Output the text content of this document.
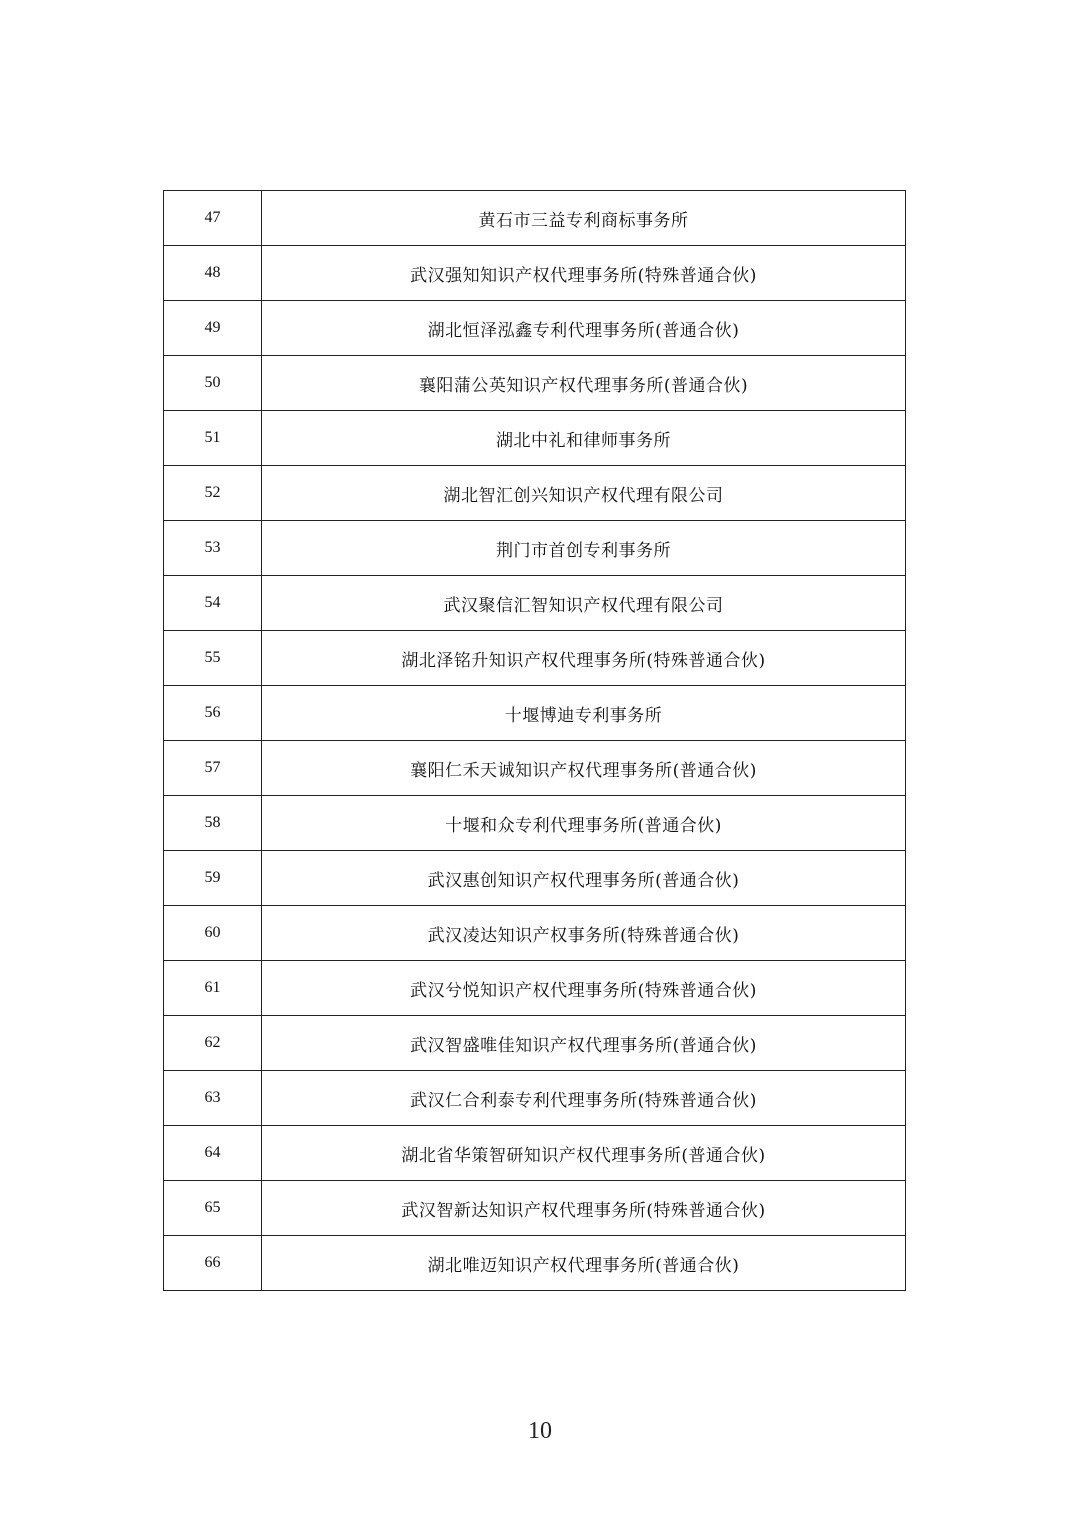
47	黄石市三益专利商标事务所
48	武汉强知知识产权代理事务所(特殊普通合伙)
49	湖北恒泽泓鑫专利代理事务所(普通合伙)
50	襄阳蒲公英知识产权代理事务所(普通合伙)
51	湖北中礼和律师事务所
52	湖北智汇创兴知识产权代理有限公司
53	荆门市首创专利事务所
54	武汉聚信汇智知识产权代理有限公司
55	湖北泽铭升知识产权代理事务所(特殊普通合伙)
56	十堰博迪专利事务所
57	襄阳仁禾天诚知识产权代理事务所(普通合伙)
58	十堰和众专利代理事务所(普通合伙)
59	武汉惠创知识产权代理事务所(普通合伙)
60	武汉凌达知识产权事务所(特殊普通合伙)
61	武汉兮悦知识产权代理事务所(特殊普通合伙)
62	武汉智盛唯佳知识产权代理事务所(普通合伙)
63	武汉仁合利泰专利代理事务所(特殊普通合伙)
64	湖北省华策智研知识产权代理事务所(普通合伙)
65	武汉智新达知识产权代理事务所(特殊普通合伙)
66	湖北唯迈知识产权代理事务所(普通合伙)
10
